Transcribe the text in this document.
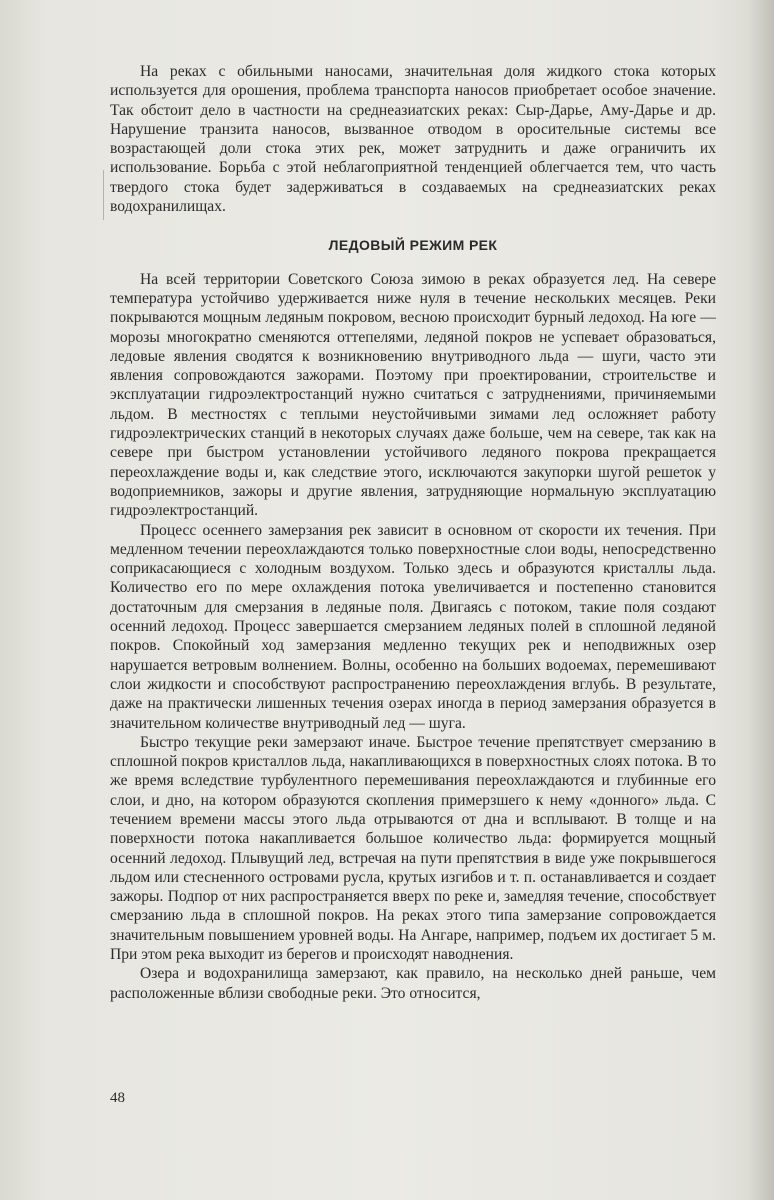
На реках с обильными наносами, значительная доля жидкого стока которых используется для орошения, проблема транспорта наносов приобретает особое значение. Так обстоит дело в частности на среднеазиатских реках: Сыр-Дарье, Аму-Дарье и др. Нарушение транзита наносов, вызванное отводом в оросительные системы все возрастающей доли стока этих рек, может затруднить и даже ограничить их использование. Борьба с этой неблагоприятной тенденцией облегчается тем, что часть твердого стока будет задерживаться в создаваемых на среднеазиатских реках водохранилищах.

ЛЕДОВЫЙ РЕЖИМ РЕК

На всей территории Советского Союза зимою в реках образуется лед. На севере температура устойчиво удерживается ниже нуля в течение нескольких месяцев. Реки покрываются мощным ледяным покровом, весною происходит бурный ледоход. На юге — морозы многократно сменяются оттепелями, ледяной покров не успевает образоваться, ледовые явления сводятся к возникновению внутриводного льда — шуги, часто эти явления сопровождаются зажорами. Поэтому при проектировании, строительстве и эксплуатации гидроэлектростанций нужно считаться с затруднениями, причиняемыми льдом. В местностях с теплыми неустойчивыми зимами лед осложняет работу гидроэлектрических станций в некоторых случаях даже больше, чем на севере, так как на севере при быстром установлении устойчивого ледяного покрова прекращается переохлаждение воды и, как следствие этого, исключаются закупорки шугой решеток у водоприемников, зажоры и другие явления, затрудняющие нормальную эксплуатацию гидроэлектростанций.

Процесс осеннего замерзания рек зависит в основном от скорости их течения. При медленном течении переохлаждаются только поверхностные слои воды, непосредственно соприкасающиеся с холодным воздухом. Только здесь и образуются кристаллы льда. Количество его по мере охлаждения потока увеличивается и постепенно становится достаточным для смерзания в ледяные поля. Двигаясь с потоком, такие поля создают осенний ледоход. Процесс завершается смерзанием ледяных полей в сплошной ледяной покров. Спокойный ход замерзания медленно текущих рек и неподвижных озер нарушается ветровым волнением. Волны, особенно на больших водоемах, перемешивают слои жидкости и способствуют распространению переохлаждения вглубь. В результате, даже на практически лишенных течения озерах иногда в период замерзания образуется в значительном количестве внутриводный лед — шуга.

Быстро текущие реки замерзают иначе. Быстрое течение препятствует смерзанию в сплошной покров кристаллов льда, накапливающихся в поверхностных слоях потока. В то же время вследствие турбулентного перемешивания переохлаждаются и глубинные его слои, и дно, на котором образуются скопления примерзшего к нему «донного» льда. С течением времени массы этого льда отрываются от дна и всплывают. В толще и на поверхности потока накапливается большое количество льда: формируется мощный осенний ледоход. Плывущий лед, встречая на пути препятствия в виде уже покрывшегося льдом или стесненного островами русла, крутых изгибов и т. п. останавливается и создает зажоры. Подпор от них распространяется вверх по реке и, замедляя течение, способствует смерзанию льда в сплошной покров. На реках этого типа замерзание сопровождается значительным повышением уровней воды. На Ангаре, например, подъем их достигает 5 м. При этом река выходит из берегов и происходят наводнения.

Озера и водохранилища замерзают, как правило, на несколько дней раньше, чем расположенные вблизи свободные реки. Это относится,

48
